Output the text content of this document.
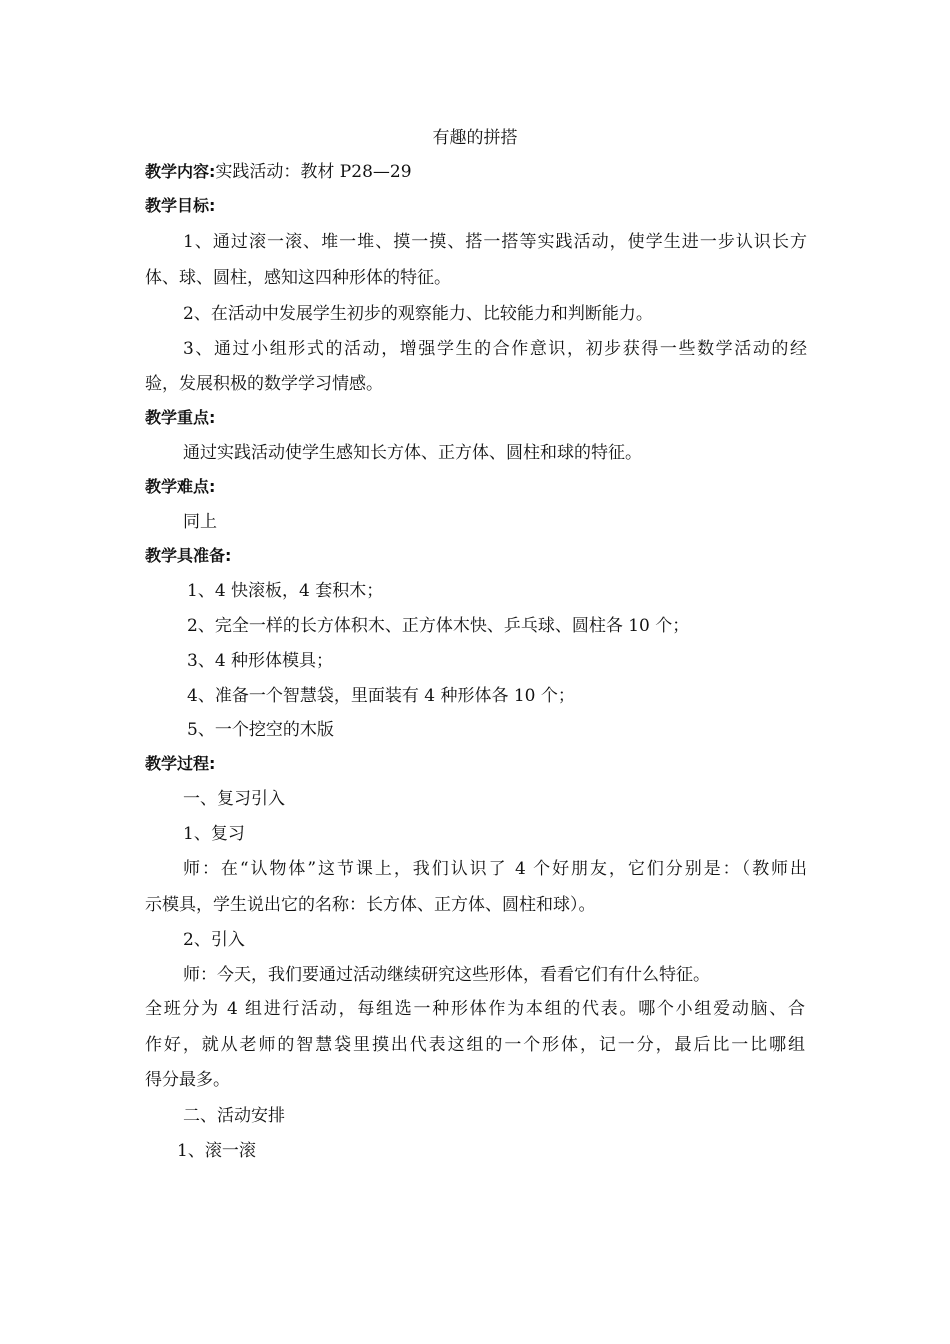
有趣的拼搭
教学内容:实践活动：教材 P28—29
教学目标:
1、通过滚一滚、堆一堆、摸一摸、搭一搭等实践活动，使学生进一步认识长方
体、球、圆柱，感知这四种形体的特征。
2、在活动中发展学生初步的观察能力、比较能力和判断能力。
3、通过小组形式的活动，增强学生的合作意识，初步获得一些数学活动的经
验，发展积极的数学学习情感。
教学重点:
通过实践活动使学生感知长方体、正方体、圆柱和球的特征。
教学难点:
同上
教学具准备:
1、4 快滚板，4 套积木；
2、完全一样的长方体积木、正方体木快、乒乓球、圆柱各 10 个；
3、4 种形体模具；
4、准备一个智慧袋，里面装有 4 种形体各 10 个；
5、一个挖空的木版
教学过程:
一、复习引入
1、复习
师：在“认物体”这节课上，我们认识了 4 个好朋友，它们分别是：（教师出
示模具，学生说出它的名称：长方体、正方体、圆柱和球）。
2、引入
师：今天，我们要通过活动继续研究这些形体，看看它们有什么特征。
全班分为 4 组进行活动，每组选一种形体作为本组的代表。哪个小组爱动脑、合
作好，就从老师的智慧袋里摸出代表这组的一个形体，记一分，最后比一比哪组
得分最多。
二、活动安排
1、滚一滚
